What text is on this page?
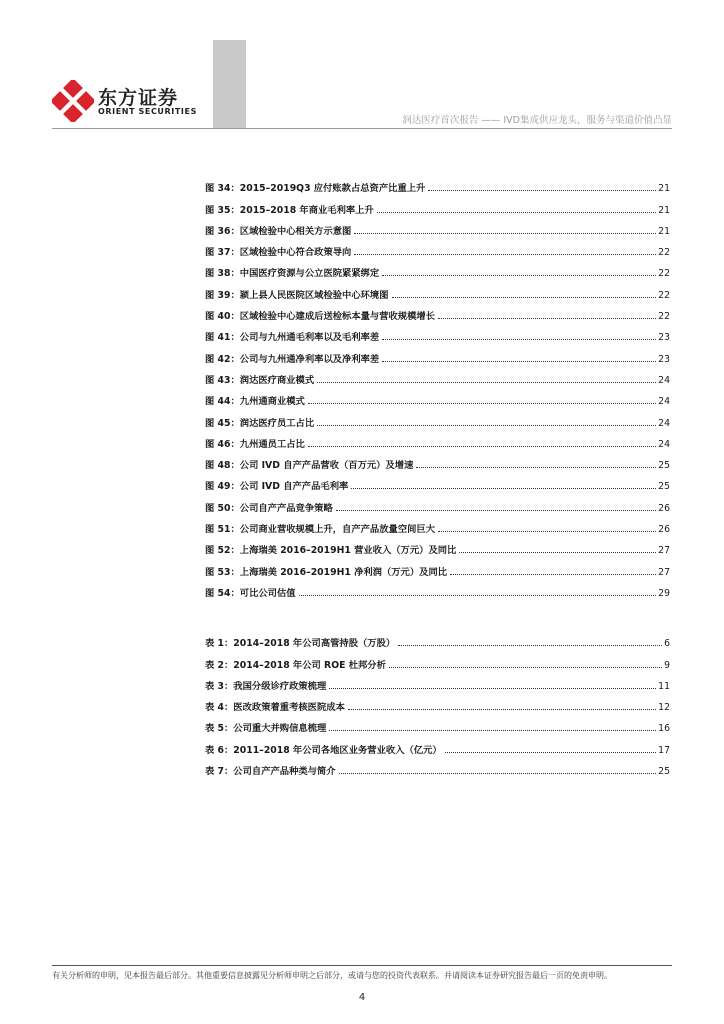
东方证券
ORIENT SECURITIES
润达医疗首次报告 —— IVD集成供应龙头，服务与渠道价值凸显
图 34：2015–2019Q3 应付账款占总资产比重上升	21
图 35：2015–2018 年商业毛利率上升	21
图 36：区域检验中心相关方示意图	21
图 37：区域检验中心符合政策导向	22
图 38：中国医疗资源与公立医院紧紧绑定	22
图 39：颍上县人民医院区域检验中心环境图	22
图 40：区域检验中心建成后送检标本量与营收规模增长	22
图 41：公司与九州通毛利率以及毛利率差	23
图 42：公司与九州通净利率以及净利率差	23
图 43：润达医疗商业模式	24
图 44：九州通商业模式	24
图 45：润达医疗员工占比	24
图 46：九州通员工占比	24
图 48：公司 IVD 自产产品营收（百万元）及增速	25
图 49：公司 IVD 自产产品毛利率	25
图 50：公司自产产品竞争策略	26
图 51：公司商业营收规模上升，自产产品放量空间巨大	26
图 52：上海瑞美 2016–2019H1 营业收入（万元）及同比	27
图 53：上海瑞美 2016–2019H1 净利润（万元）及同比	27
图 54：可比公司估值	29
表 1：2014–2018 年公司高管持股（万股）	6
表 2：2014–2018 年公司 ROE 杜邦分析	9
表 3：我国分级诊疗政策梳理	11
表 4：医改政策着重考核医院成本	12
表 5：公司重大并购信息梳理	16
表 6：2011–2018 年公司各地区业务营业收入（亿元）	17
表 7：公司自产产品种类与简介	25
有关分析师的申明，见本报告最后部分。其他重要信息披露见分析师申明之后部分，或请与您的投资代表联系。并请阅读本证券研究报告最后一页的免责申明。
4
